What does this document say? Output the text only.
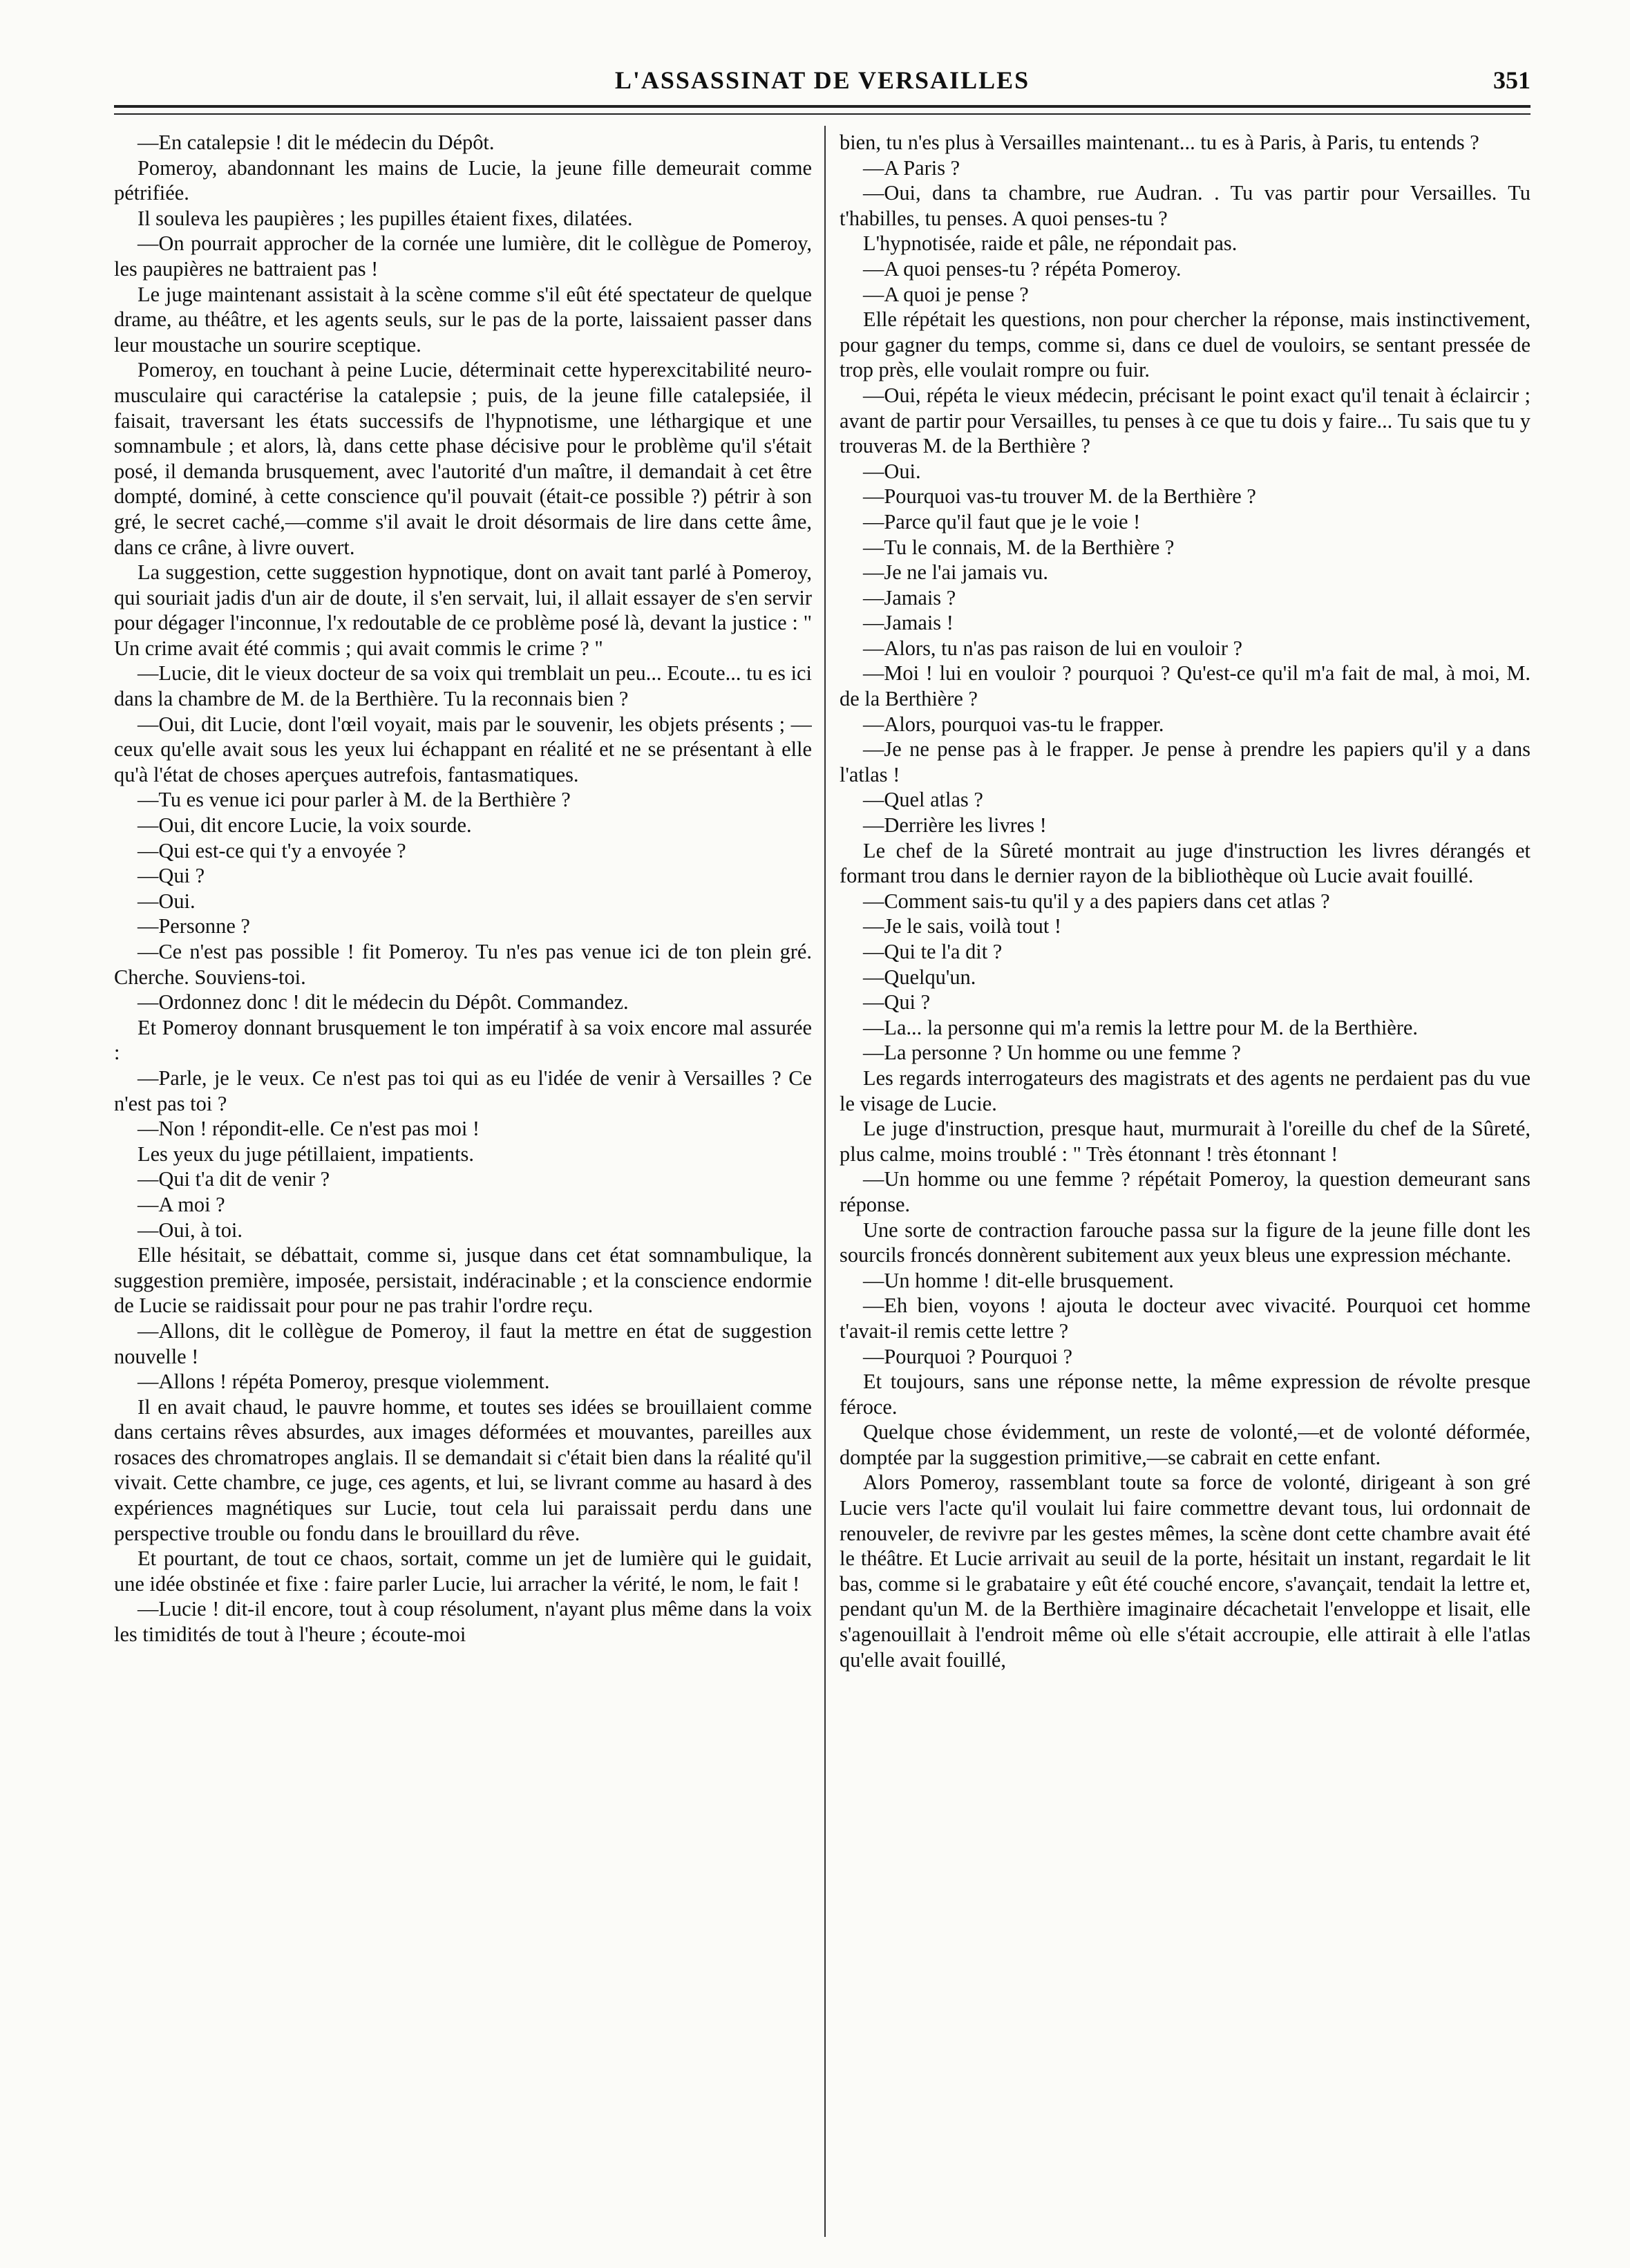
L'ASSASSINAT DE VERSAILLES	351

—En catalepsie ! dit le médecin du Dépôt.

Pomeroy, abandonnant les mains de Lucie, la jeune fille demeurait comme pétrifiée.

Il souleva les paupières ; les pupilles étaient fixes, dilatées.

—On pourrait approcher de la cornée une lumière, dit le collègue de Pomeroy, les paupières ne battraient pas !

Le juge maintenant assistait à la scène comme s'il eût été spectateur de quelque drame, au théâtre, et les agents seuls, sur le pas de la porte, laissaient passer dans leur moustache un sourire sceptique.

Pomeroy, en touchant à peine Lucie, déterminait cette hyperexcitabilité neuro-musculaire qui caractérise la catalepsie ; puis, de la jeune fille catalepsiée, il faisait, traversant les états successifs de l'hypnotisme, une léthargique et une somnambule ; et alors, là, dans cette phase décisive pour le problème qu'il s'était posé, il demanda brusquement, avec l'autorité d'un maître, il demandait à cet être dompté, dominé, à cette conscience qu'il pouvait (était-ce possible ?) pétrir à son gré, le secret caché,—comme s'il avait le droit désormais de lire dans cette âme, dans ce crâne, à livre ouvert.

La suggestion, cette suggestion hypnotique, dont on avait tant parlé à Pomeroy, qui souriait jadis d'un air de doute, il s'en servait, lui, il allait essayer de s'en servir pour dégager l'inconnue, l'x redoutable de ce problème posé là, devant la justice : " Un crime avait été commis ; qui avait commis le crime ? "

—Lucie, dit le vieux docteur de sa voix qui tremblait un peu... Ecoute... tu es ici dans la chambre de M. de la Berthière. Tu la reconnais bien ?

—Oui, dit Lucie, dont l'œil voyait, mais par le souvenir, les objets présents ; — ceux qu'elle avait sous les yeux lui échappant en réalité et ne se présentant à elle qu'à l'état de choses aperçues autrefois, fantasmatiques.

—Tu es venue ici pour parler à M. de la Berthière ?

—Oui, dit encore Lucie, la voix sourde.

—Qui est-ce qui t'y a envoyée ?

—Qui ?

—Oui.

—Personne ?

—Ce n'est pas possible ! fit Pomeroy. Tu n'es pas venue ici de ton plein gré. Cherche. Souviens-toi.

—Ordonnez donc ! dit le médecin du Dépôt. Commandez.

Et Pomeroy donnant brusquement le ton impératif à sa voix encore mal assurée :

—Parle, je le veux. Ce n'est pas toi qui as eu l'idée de venir à Versailles ? Ce n'est pas toi ?

—Non ! répondit-elle. Ce n'est pas moi !

Les yeux du juge pétillaient, impatients.

—Qui t'a dit de venir ?

—A moi ?

—Oui, à toi.

Elle hésitait, se débattait, comme si, jusque dans cet état somnambulique, la suggestion première, imposée, persistait, indéracinable ; et la conscience endormie de Lucie se raidissait pour pour ne pas trahir l'ordre reçu.

—Allons, dit le collègue de Pomeroy, il faut la mettre en état de suggestion nouvelle !

—Allons ! répéta Pomeroy, presque violemment.

Il en avait chaud, le pauvre homme, et toutes ses idées se brouillaient comme dans certains rêves absurdes, aux images déformées et mouvantes, pareilles aux rosaces des chromatropes anglais. Il se demandait si c'était bien dans la réalité qu'il vivait. Cette chambre, ce juge, ces agents, et lui, se livrant comme au hasard à des expériences magnétiques sur Lucie, tout cela lui paraissait perdu dans une perspective trouble ou fondu dans le brouillard du rêve.

Et pourtant, de tout ce chaos, sortait, comme un jet de lumière qui le guidait, une idée obstinée et fixe : faire parler Lucie, lui arracher la vérité, le nom, le fait !

—Lucie ! dit-il encore, tout à coup résolument, n'ayant plus même dans la voix les timidités de tout à l'heure ; écoute-moi

bien, tu n'es plus à Versailles maintenant... tu es à Paris, à Paris, tu entends ?

—A Paris ?

—Oui, dans ta chambre, rue Audran. . Tu vas partir pour Versailles. Tu t'habilles, tu penses. A quoi penses-tu ?

L'hypnotisée, raide et pâle, ne répondait pas.

—A quoi penses-tu ? répéta Pomeroy.

—A quoi je pense ?

Elle répétait les questions, non pour chercher la réponse, mais instinctivement, pour gagner du temps, comme si, dans ce duel de vouloirs, se sentant pressée de trop près, elle voulait rompre ou fuir.

—Oui, répéta le vieux médecin, précisant le point exact qu'il tenait à éclaircir ; avant de partir pour Versailles, tu penses à ce que tu dois y faire... Tu sais que tu y trouveras M. de la Berthière ?

—Oui.

—Pourquoi vas-tu trouver M. de la Berthière ?

—Parce qu'il faut que je le voie !

—Tu le connais, M. de la Berthière ?

—Je ne l'ai jamais vu.

—Jamais ?

—Jamais !

—Alors, tu n'as pas raison de lui en vouloir ?

—Moi ! lui en vouloir ? pourquoi ? Qu'est-ce qu'il m'a fait de mal, à moi, M. de la Berthière ?

—Alors, pourquoi vas-tu le frapper.

—Je ne pense pas à le frapper. Je pense à prendre les papiers qu'il y a dans l'atlas !

—Quel atlas ?

—Derrière les livres !

Le chef de la Sûreté montrait au juge d'instruction les livres dérangés et formant trou dans le dernier rayon de la bibliothèque où Lucie avait fouillé.

—Comment sais-tu qu'il y a des papiers dans cet atlas ?

—Je le sais, voilà tout !

—Qui te l'a dit ?

—Quelqu'un.

—Qui ?

—La... la personne qui m'a remis la lettre pour M. de la Berthière.

—La personne ? Un homme ou une femme ?

Les regards interrogateurs des magistrats et des agents ne perdaient pas du vue le visage de Lucie.

Le juge d'instruction, presque haut, murmurait à l'oreille du chef de la Sûreté, plus calme, moins troublé : " Très étonnant ! très étonnant !

—Un homme ou une femme ? répétait Pomeroy, la question demeurant sans réponse.

Une sorte de contraction farouche passa sur la figure de la jeune fille dont les sourcils froncés donnèrent subitement aux yeux bleus une expression méchante.

—Un homme ! dit-elle brusquement.

—Eh bien, voyons ! ajouta le docteur avec vivacité. Pourquoi cet homme t'avait-il remis cette lettre ?

—Pourquoi ? Pourquoi ?

Et toujours, sans une réponse nette, la même expression de révolte presque féroce.

Quelque chose évidemment, un reste de volonté,—et de volonté déformée, domptée par la suggestion primitive,—se cabrait en cette enfant.

Alors Pomeroy, rassemblant toute sa force de volonté, dirigeant à son gré Lucie vers l'acte qu'il voulait lui faire commettre devant tous, lui ordonnait de renouveler, de revivre par les gestes mêmes, la scène dont cette chambre avait été le théâtre. Et Lucie arrivait au seuil de la porte, hésitait un instant, regardait le lit bas, comme si le grabataire y eût été couché encore, s'avançait, tendait la lettre et, pendant qu'un M. de la Berthière imaginaire décachetait l'enveloppe et lisait, elle s'agenouillait à l'endroit même où elle s'était accroupie, elle attirait à elle l'atlas qu'elle avait fouillé,
